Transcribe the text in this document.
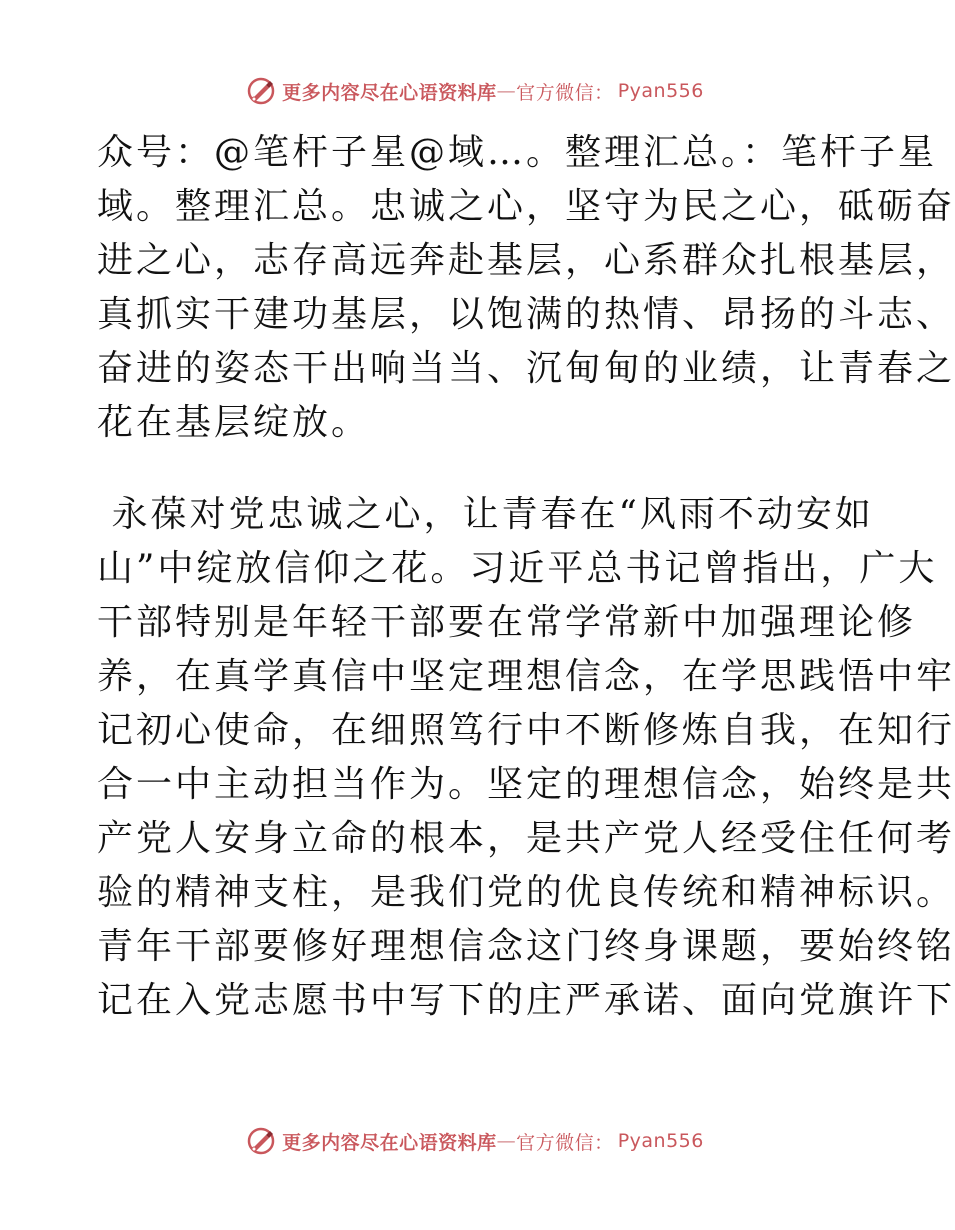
更多内容尽在心语资料库 — 官方微信： Pyan556
众号：@笔杆子星@域…。整理汇总。：笔杆子星
域。整理汇总。忠诚之心，坚守为民之心，砥砺奋
进之心，志存高远奔赴基层，心系群众扎根基层，
真抓实干建功基层，以饱满的热情、昂扬的斗志、
奋进的姿态干出响当当、沉甸甸的业绩，让青春之
花在基层绽放。
永葆对党忠诚之心，让青春在“风雨不动安如
山”中绽放信仰之花。习近平总书记曾指出，广大
干部特别是年轻干部要在常学常新中加强理论修
养，在真学真信中坚定理想信念，在学思践悟中牢
记初心使命，在细照笃行中不断修炼自我，在知行
合一中主动担当作为。坚定的理想信念，始终是共
产党人安身立命的根本，是共产党人经受住任何考
验的精神支柱，是我们党的优良传统和精神标识。
青年干部要修好理想信念这门终身课题，要始终铭
记在入党志愿书中写下的庄严承诺、面向党旗许下
更多内容尽在心语资料库 — 官方微信： Pyan556
